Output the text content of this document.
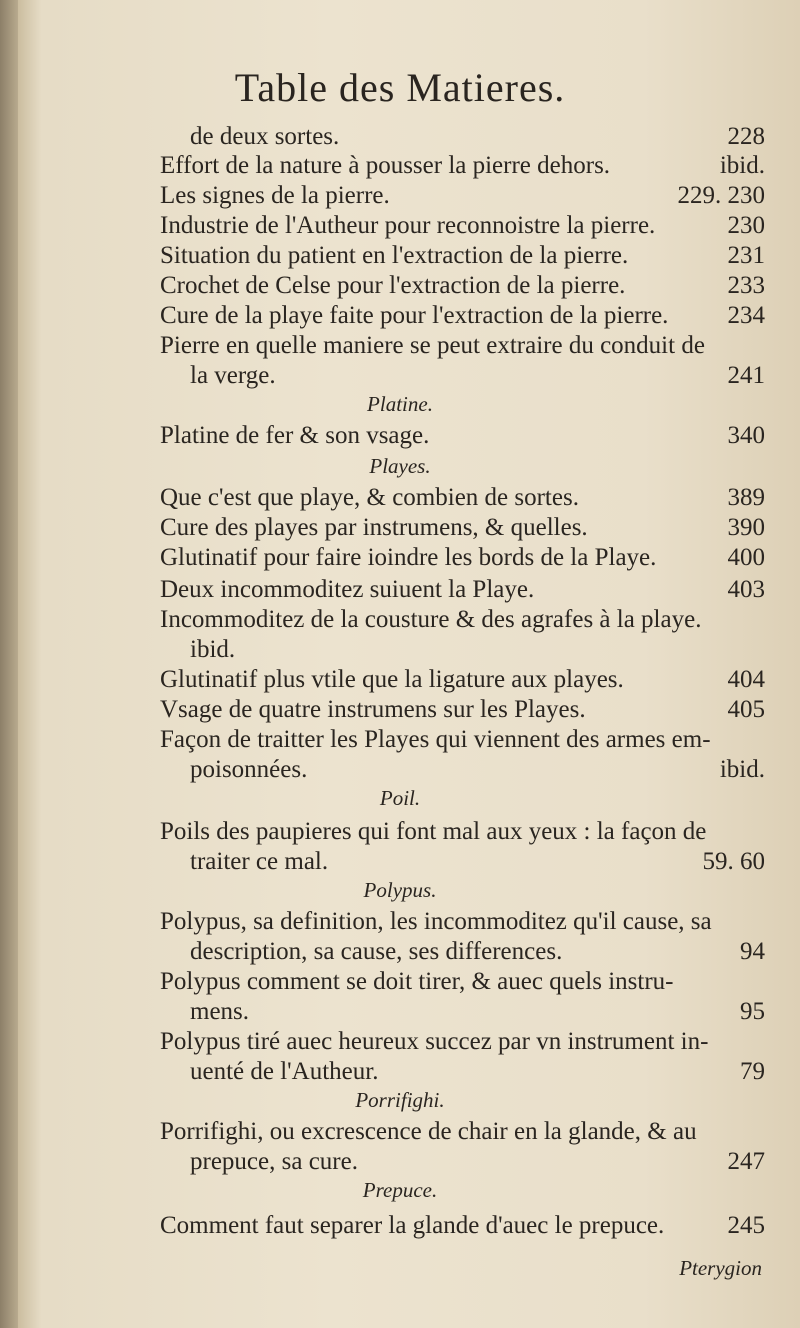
Table des Matieres.
de deux sortes.	228
Effort de la nature à pousser la pierre dehors.	ibid.
Les signes de la pierre.	229. 230
Industrie de l'Autheur pour reconnoistre la pierre.	230
Situation du patient en l'extraction de la pierre.	231
Crochet de Celse pour l'extraction de la pierre.	233
Cure de la playe faite pour l'extraction de la pierre. 234
Pierre en quelle maniere se peut extraire du conduit de
la verge.	241
Platine.
Platine de fer & son vsage.	340
Playes.
Que c'est que playe, & combien de sortes.	389
Cure des playes par instrumens, & quelles.	390
Glutinatif pour faire ioindre les bords de la Playe.	400
Deux incommoditez suiuent la Playe.	403
Incommoditez de la cousture & des agrafes à la playe.
ibid.
Glutinatif plus vtile que la ligature aux playes.	404
Vsage de quatre instrumens sur les Playes.	405
Façon de traitter les Playes qui viennent des armes em-
poisonnées.	ibid.
Poil.
Poils des paupieres qui font mal aux yeux : la façon de
traiter ce mal.	59. 60
Polypus.
Polypus, sa definition, les incommoditez qu'il cause, sa
description, sa cause, ses differences.	94
Polypus comment se doit tirer, & auec quels instru-
mens.	95
Polypus tiré auec heureux succez par vn instrument in-
uenté de l'Autheur.	79
Porrifighi.
Porrifighi, ou excrescence de chair en la glande, & au
prepuce, sa cure.	247
Prepuce.
Comment faut separer la glande d'auec le prepuce.	245
Pterygion
